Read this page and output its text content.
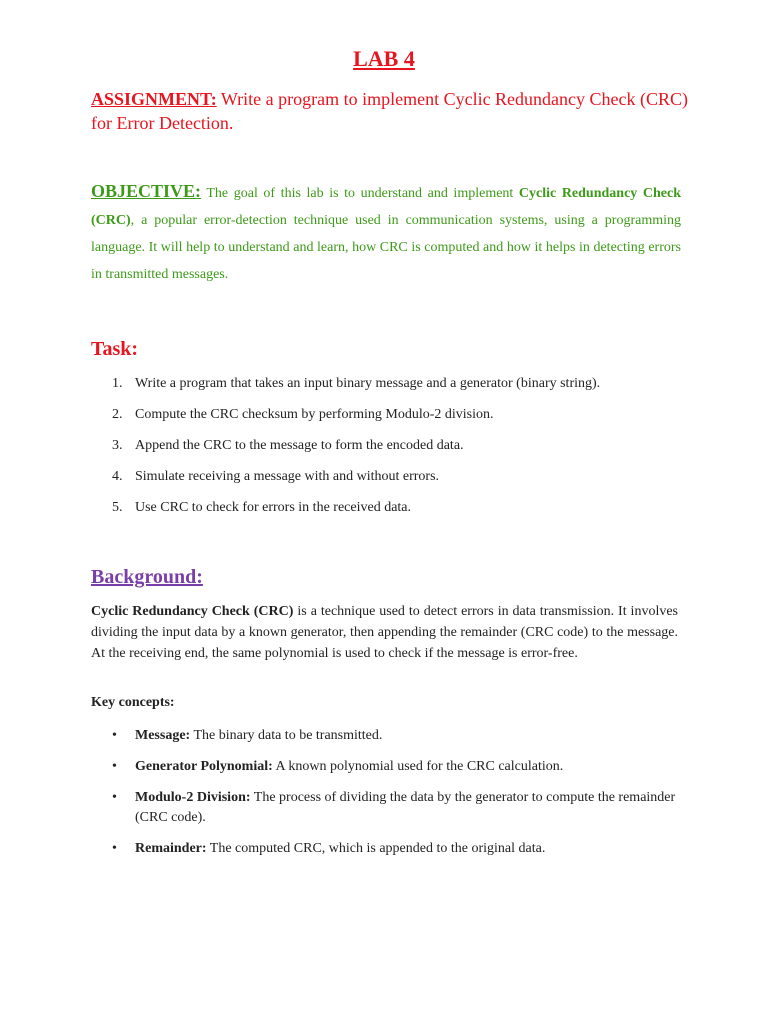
LAB 4

ASSIGNMENT: Write a program to implement Cyclic Redundancy Check (CRC) for Error Detection.

OBJECTIVE: The goal of this lab is to understand and implement Cyclic Redundancy Check (CRC), a popular error-detection technique used in communication systems, using a programming language. It will help to understand and learn, how CRC is computed and how it helps in detecting errors in transmitted messages.

Task:
1. Write a program that takes an input binary message and a generator (binary string).
2. Compute the CRC checksum by performing Modulo-2 division.
3. Append the CRC to the message to form the encoded data.
4. Simulate receiving a message with and without errors.
5. Use CRC to check for errors in the received data.
Background:

Cyclic Redundancy Check (CRC) is a technique used to detect errors in data transmission. It involves dividing the input data by a known generator, then appending the remainder (CRC code) to the message. At the receiving end, the same polynomial is used to check if the message is error-free.

Key concepts:

• Message: The binary data to be transmitted.
• Generator Polynomial: A known polynomial used for the CRC calculation.
• Modulo-2 Division: The process of dividing the data by the generator to compute the remainder (CRC code).
• Remainder: The computed CRC, which is appended to the original data.
